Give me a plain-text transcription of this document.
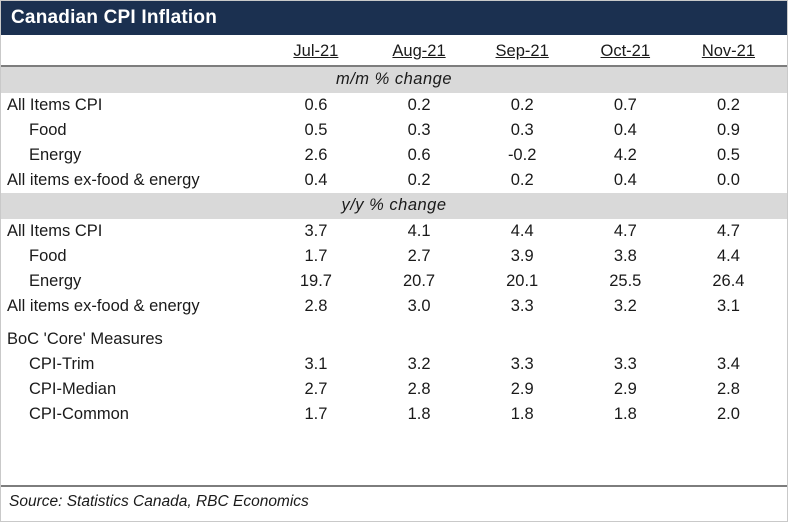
Canadian CPI Inflation
	Jul-21	Aug-21	Sep-21	Oct-21	Nov-21

m/m % change					
All Items CPI	0.6	0.2	0.2	0.7	0.2
Food	0.5	0.3	0.3	0.4	0.9
Energy	2.6	0.6	-0.2	4.2	0.5
All items ex-food & energy	0.4	0.2	0.2	0.4	0.0
y/y % change					
All Items CPI	3.7	4.1	4.4	4.7	4.7
Food	1.7	2.7	3.9	3.8	4.4
Energy	19.7	20.7	20.1	25.5	26.4
All items ex-food & energy	2.8	3.0	3.3	3.2	3.1

BoC 'Core' Measures					
CPI-Trim	3.1	3.2	3.3	3.3	3.4
CPI-Median	2.7	2.8	2.9	2.9	2.8
CPI-Common	1.7	1.8	1.8	1.8	2.0
Source: Statistics Canada, RBC Economics
